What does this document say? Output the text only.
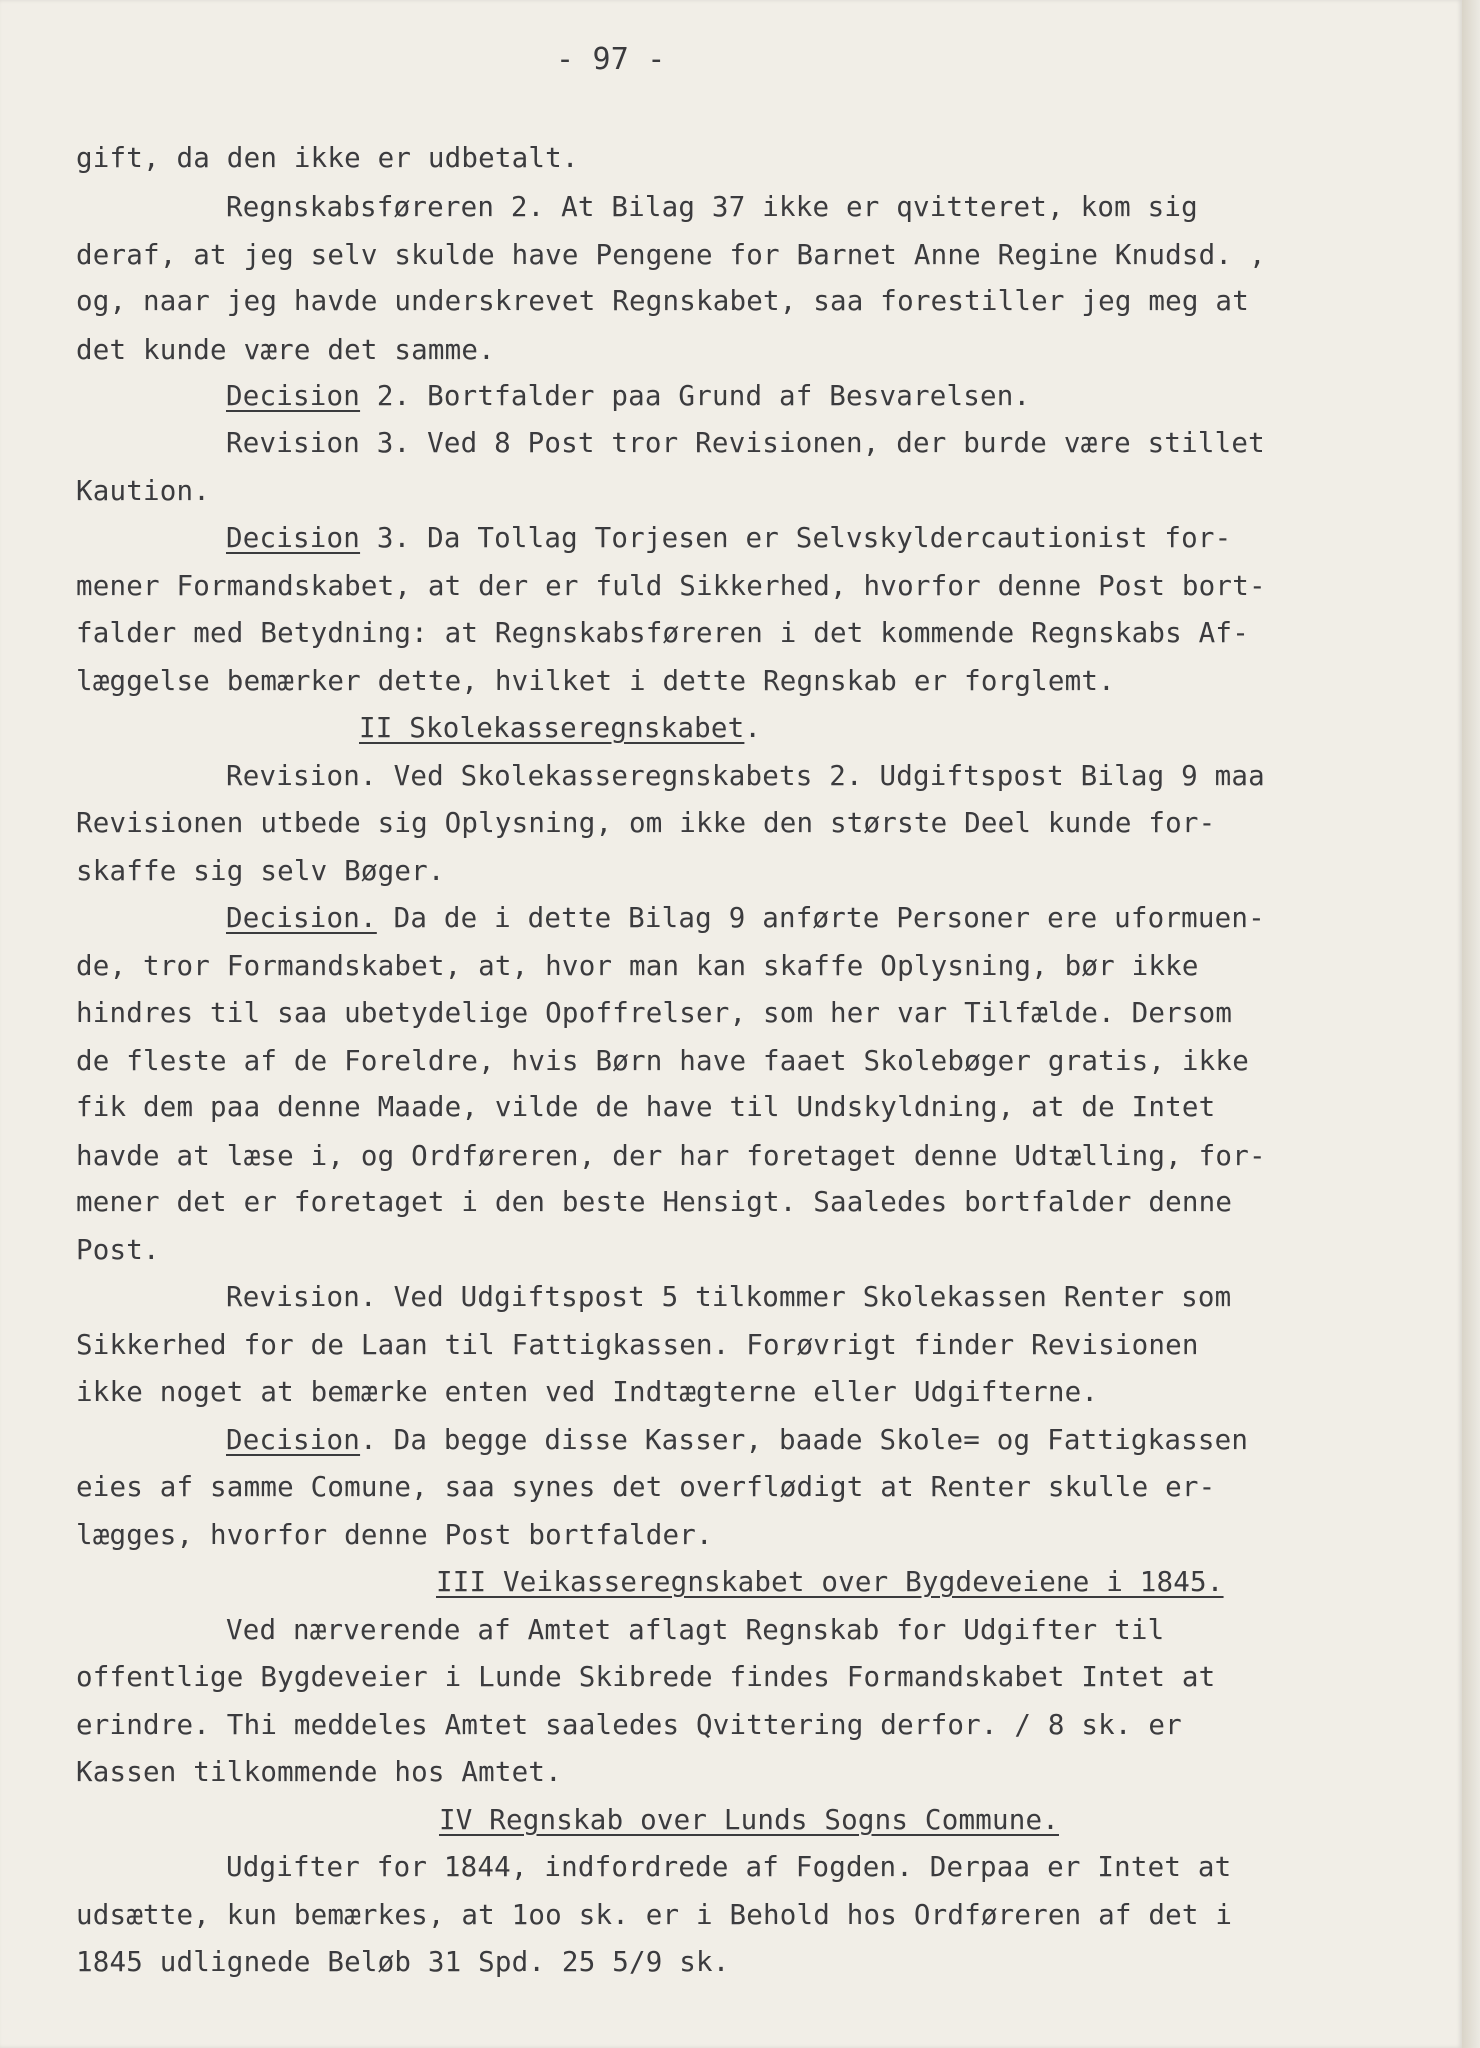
- 97 -
gift, da den ikke er udbetalt.
Regnskabsføreren 2. At Bilag 37 ikke er qvitteret, kom sig
deraf, at jeg selv skulde have Pengene for Barnet Anne Regine Knudsd. ,
og, naar jeg havde underskrevet Regnskabet, saa forestiller jeg meg at
det kunde være det samme.
Decision 2. Bortfalder paa Grund af Besvarelsen.
Revision 3. Ved 8 Post tror Revisionen, der burde være stillet
Kaution.
Decision 3. Da Tollag Torjesen er Selvskyldercautionist for-
mener Formandskabet, at der er fuld Sikkerhed, hvorfor denne Post bort-
falder med Betydning: at Regnskabsføreren i det kommende Regnskabs Af-
læggelse bemærker dette, hvilket i dette Regnskab er forglemt.
II Skolekasseregnskabet.
Revision. Ved Skolekasseregnskabets 2. Udgiftspost Bilag 9 maa
Revisionen utbede sig Oplysning, om ikke den største Deel kunde for-
skaffe sig selv Bøger.
Decision. Da de i dette Bilag 9 anførte Personer ere uformuen-
de, tror Formandskabet, at, hvor man kan skaffe Oplysning, bør ikke
hindres til saa ubetydelige Opoffrelser, som her var Tilfælde. Dersom
de fleste af de Foreldre, hvis Børn have faaet Skolebøger gratis, ikke
fik dem paa denne Maade, vilde de have til Undskyldning, at de Intet
havde at læse i, og Ordføreren, der har foretaget denne Udtælling, for-
mener det er foretaget i den beste Hensigt. Saaledes bortfalder denne
Post.
Revision. Ved Udgiftspost 5 tilkommer Skolekassen Renter som
Sikkerhed for de Laan til Fattigkassen. Forøvrigt finder Revisionen
ikke noget at bemærke enten ved Indtægterne eller Udgifterne.
Decision. Da begge disse Kasser, baade Skole= og Fattigkassen
eies af samme Comune, saa synes det overflødigt at Renter skulle er-
lægges, hvorfor denne Post bortfalder.
III Veikasseregnskabet over Bygdeveiene i 1845.
Ved nærverende af Amtet aflagt Regnskab for Udgifter til
offentlige Bygdeveier i Lunde Skibrede findes Formandskabet Intet at
erindre. Thi meddeles Amtet saaledes Qvittering derfor. / 8 sk. er
Kassen tilkommende hos Amtet.
IV Regnskab over Lunds Sogns Commune.
Udgifter for 1844, indfordrede af Fogden. Derpaa er Intet at
udsætte, kun bemærkes, at 1oo sk. er i Behold hos Ordføreren af det i
1845 udlignede Beløb 31 Spd. 25 5/9 sk.
